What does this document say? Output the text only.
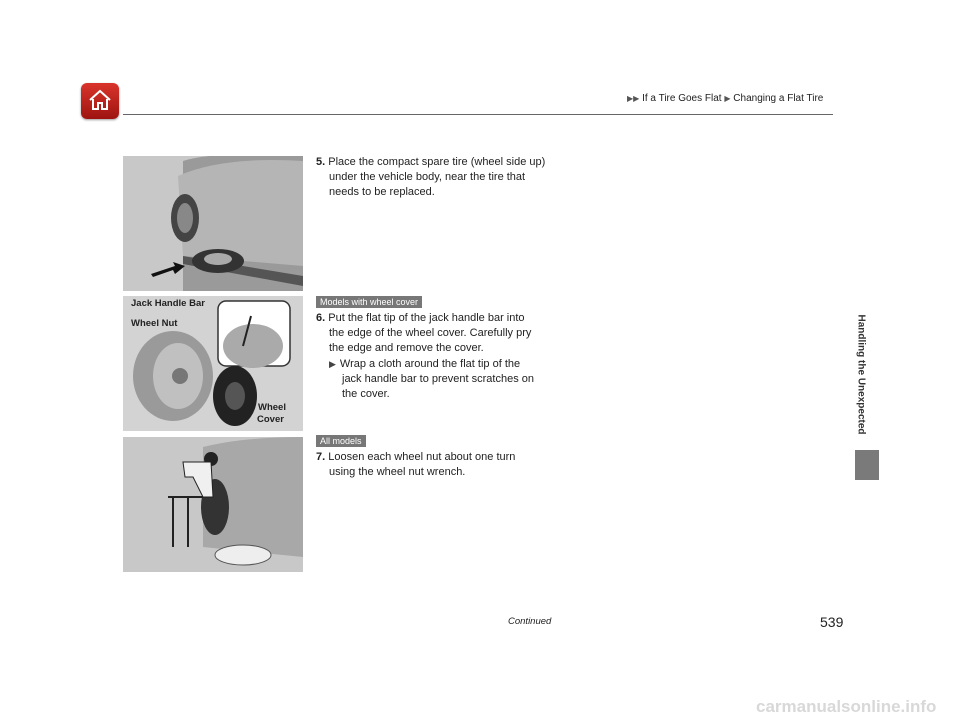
▶▶ If a Tire Goes Flat ▶ Changing a Flat Tire
Handling the Unexpected
5. Place the compact spare tire (wheel side up)
under the vehicle body, near the tire that
needs to be replaced.
Jack Handle Bar
Wheel Nut
Wheel
Cover
Models with wheel cover
6. Put the flat tip of the jack handle bar into
the edge of the wheel cover. Carefully pry
the edge and remove the cover.
▶ Wrap a cloth around the flat tip of the
jack handle bar to prevent scratches on
the cover.
All models
7. Loosen each wheel nut about one turn
using the wheel nut wrench.
Continued	539
carmanualsonline.info
